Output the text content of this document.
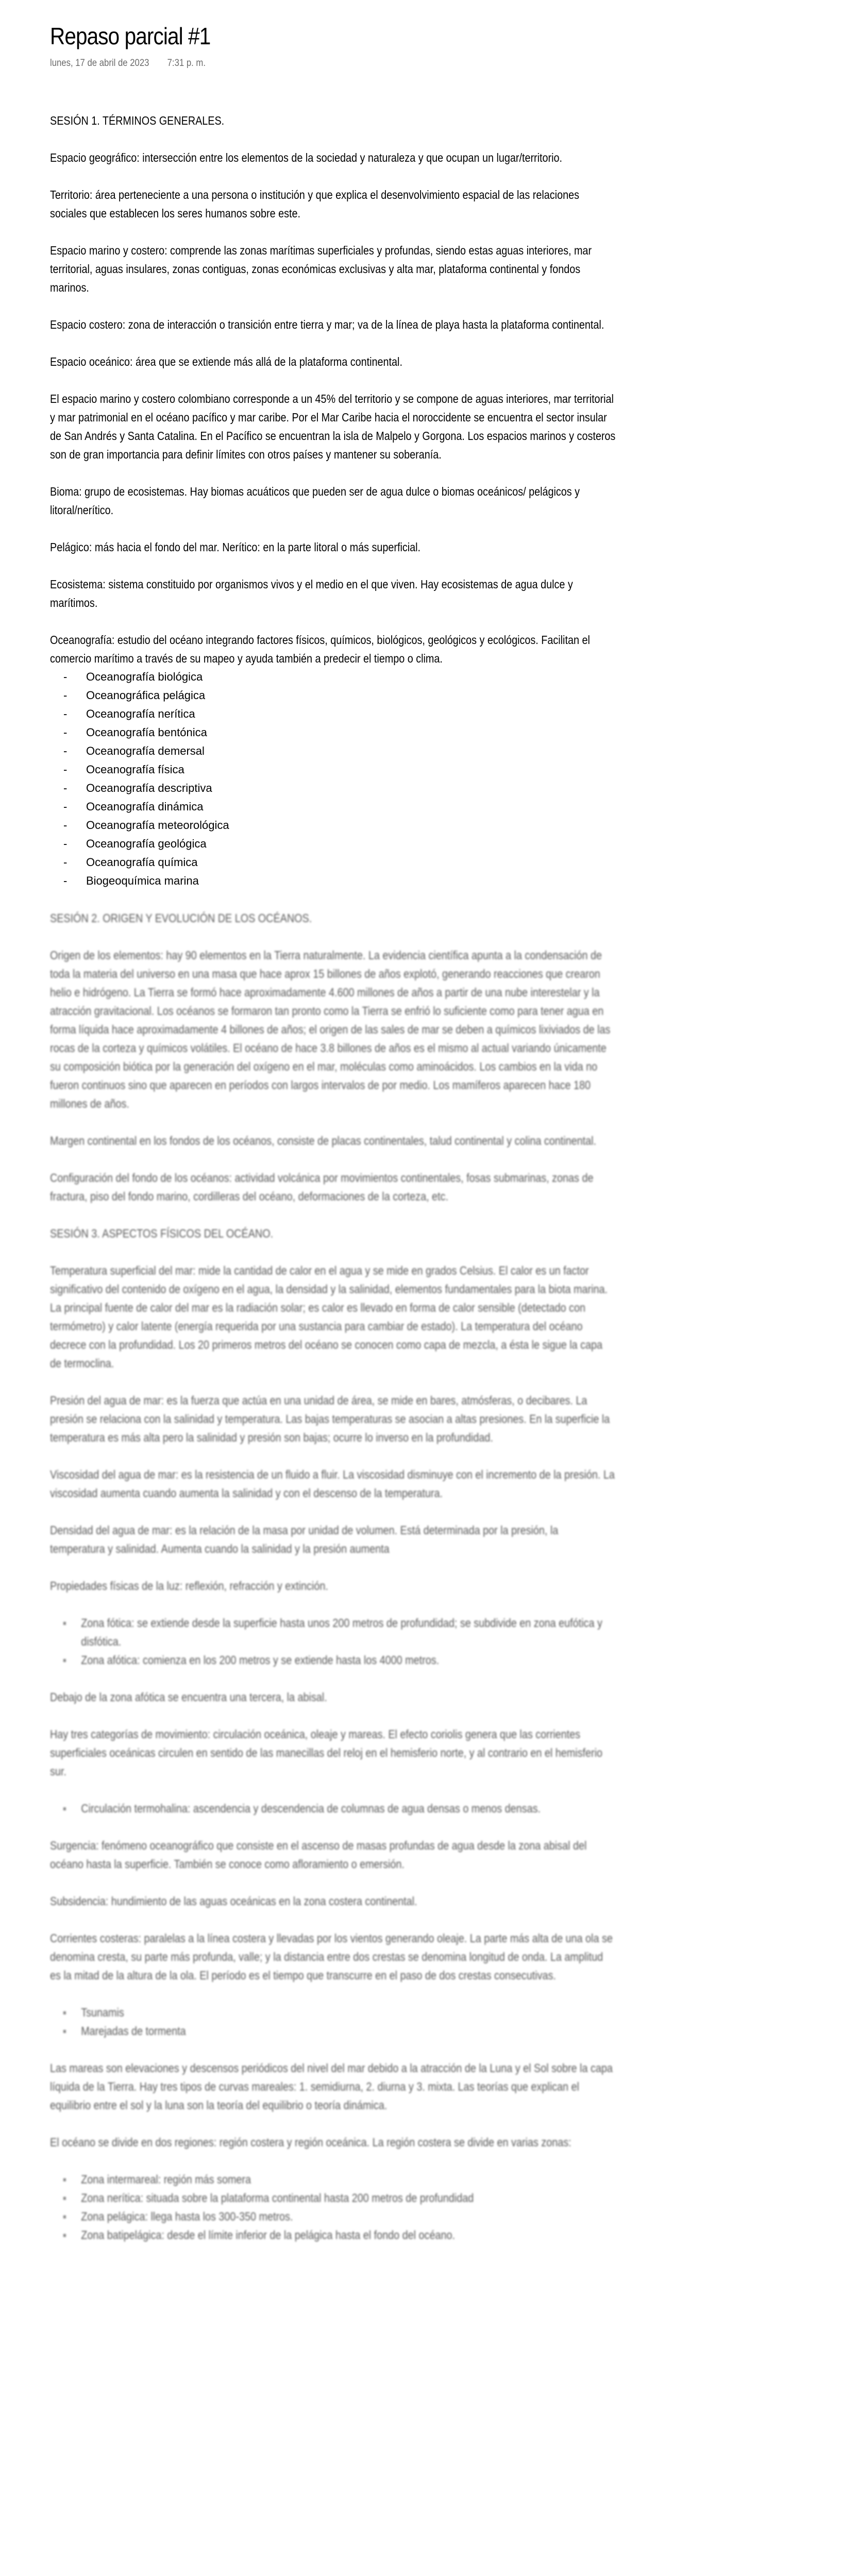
Repaso parcial #1
lunes, 17 de abril de 2023 7:31 p. m.
SESIÓN 1. TÉRMINOS GENERALES.

Espacio geográfico: intersección entre los elementos de la sociedad y naturaleza y que ocupan un lugar/territorio.

Territorio: área perteneciente a una persona o institución y que explica el desenvolvimiento espacial de las relaciones sociales que establecen los seres humanos sobre este.

Espacio marino y costero: comprende las zonas marítimas superficiales y profundas, siendo estas aguas interiores, mar territorial, aguas insulares, zonas contiguas, zonas económicas exclusivas y alta mar, plataforma continental y fondos marinos.

Espacio costero: zona de interacción o transición entre tierra y mar; va de la línea de playa hasta la plataforma continental.

Espacio oceánico: área que se extiende más allá de la plataforma continental.

El espacio marino y costero colombiano corresponde a un 45% del territorio y se compone de aguas interiores, mar territorial y mar patrimonial en el océano pacífico y mar caribe. Por el Mar Caribe hacia el noroccidente se encuentra el sector insular de San Andrés y Santa Catalina. En el Pacífico se encuentran la isla de Malpelo y Gorgona. Los espacios marinos y costeros son de gran importancia para definir límites con otros países y mantener su soberanía.

Bioma: grupo de ecosistemas. Hay biomas acuáticos que pueden ser de agua dulce o biomas oceánicos/ pelágicos y litoral/nerítico.

Pelágico: más hacia el fondo del mar. Nerítico: en la parte litoral o más superficial.

Ecosistema: sistema constituido por organismos vivos y el medio en el que viven. Hay ecosistemas de agua dulce y marítimos.

Oceanografía: estudio del océano integrando factores físicos, químicos, biológicos, geológicos y ecológicos. Facilitan el comercio marítimo a través de su mapeo y ayuda también a predecir el tiempo o clima.

- Oceanografía biológica
- Oceanográfica pelágica
- Oceanografía nerítica
- Oceanografía bentónica
- Oceanografía demersal
- Oceanografía física
- Oceanografía descriptiva
- Oceanografía dinámica
- Oceanografía meteorológica
- Oceanografía geológica
- Oceanografía química
- Biogeoquímica marina
SESIÓN 2. ORIGEN Y EVOLUCIÓN DE LOS OCÉANOS.

Origen de los elementos: hay 90 elementos en la Tierra naturalmente. La evidencia científica apunta a la condensación de toda la materia del universo en una masa que hace aprox 15 billones de años explotó, generando reacciones que crearon helio e hidrógeno. La Tierra se formó hace aproximadamente 4.600 millones de años a partir de una nube interestelar y la atracción gravitacional. Los océanos se formaron tan pronto como la Tierra se enfrió lo suficiente como para tener agua en forma líquida hace aproximadamente 4 billones de años; el origen de las sales de mar se deben a químicos lixiviados de las rocas de la corteza y químicos volátiles. El océano de hace 3.8 billones de años es el mismo al actual variando únicamente su composición biótica por la generación del oxígeno en el mar, moléculas como aminoácidos. Los cambios en la vida no fueron continuos sino que aparecen en períodos con largos intervalos de por medio. Los mamíferos aparecen hace 180 millones de años.

Margen continental en los fondos de los océanos, consiste de placas continentales, talud continental y colina continental.

Configuración del fondo de los océanos: actividad volcánica por movimientos continentales, fosas submarinas, zonas de fractura, piso del fondo marino, cordilleras del océano, deformaciones de la corteza, etc.

SESIÓN 3. ASPECTOS FÍSICOS DEL OCÉANO.

Temperatura superficial del mar: mide la cantidad de calor en el agua y se mide en grados Celsius. El calor es un factor significativo del contenido de oxígeno en el agua, la densidad y la salinidad, elementos fundamentales para la biota marina. La principal fuente de calor del mar es la radiación solar; es calor es llevado en forma de calor sensible (detectado con termómetro) y calor latente (energía requerida por una sustancia para cambiar de estado). La temperatura del océano decrece con la profundidad. Los 20 primeros metros del océano se conocen como capa de mezcla, a ésta le sigue la capa de termoclina.

Presión del agua de mar: es la fuerza que actúa en una unidad de área, se mide en bares, atmósferas, o decibares. La presión se relaciona con la salinidad y temperatura. Las bajas temperaturas se asocian a altas presiones. En la superficie la temperatura es más alta pero la salinidad y presión son bajas; ocurre lo inverso en la profundidad.

Viscosidad del agua de mar: es la resistencia de un fluido a fluir. La viscosidad disminuye con el incremento de la presión. La viscosidad aumenta cuando aumenta la salinidad y con el descenso de la temperatura.

Densidad del agua de mar: es la relación de la masa por unidad de volumen. Está determinada por la presión, la temperatura y salinidad. Aumenta cuando la salinidad y la presión aumenta

Propiedades físicas de la luz: reflexión, refracción y extinción.

Zona fótica: se extiende desde la superficie hasta unos 200 metros de profundidad; se subdivide en zona eufótica y disfótica.
Zona afótica: comienza en los 200 metros y se extiende hasta los 4000 metros.

Debajo de la zona afótica se encuentra una tercera, la abisal.

Hay tres categorías de movimiento: circulación oceánica, oleaje y mareas. El efecto coriolis genera que las corrientes superficiales oceánicas circulen en sentido de las manecillas del reloj en el hemisferio norte, y al contrario en el hemisferio sur.

Circulación termohalina: ascendencia y descendencia de columnas de agua densas o menos densas.

Surgencia: fenómeno oceanográfico que consiste en el ascenso de masas profundas de agua desde la zona abisal del océano hasta la superficie. También se conoce como afloramiento o emersión.

Subsidencia: hundimiento de las aguas oceánicas en la zona costera continental.

Corrientes costeras: paralelas a la línea costera y llevadas por los vientos generando oleaje. La parte más alta de una ola se denomina cresta, su parte más profunda, valle; y la distancia entre dos crestas se denomina longitud de onda. La amplitud es la mitad de la altura de la ola. El período es el tiempo que transcurre en el paso de dos crestas consecutivas.

Tsunamis
Marejadas de tormenta

Las mareas son elevaciones y descensos periódicos del nivel del mar debido a la atracción de la Luna y el Sol sobre la capa líquida de la Tierra. Hay tres tipos de curvas mareales: 1. semidiurna, 2. diurna y 3. mixta. Las teorías que explican el equilibrio entre el sol y la luna son la teoría del equilibrio o teoría dinámica.

El océano se divide en dos regiones: región costera y región oceánica. La región costera se divide en varias zonas:

Zona intermareal: región más somera
Zona nerítica: situada sobre la plataforma continental hasta 200 metros de profundidad
Zona pelágica: llega hasta los 300-350 metros.
Zona batipelágica: desde el límite inferior de la pelágica hasta el fondo del océano.
